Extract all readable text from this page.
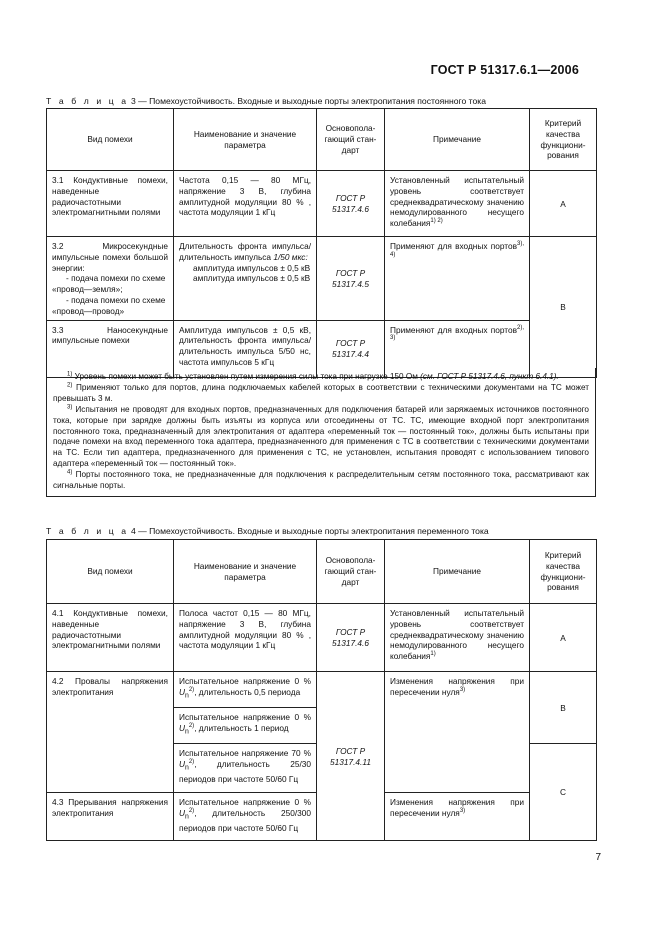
ГОСТ Р 51317.6.1—2006
Т а б л и ц а 3 — Помехоустойчивость. Входные и выходные порты электропитания постоянного тока
Вид помехи	Наименование и значение параметра	Основопола-гающий стан-дарт	Примечание	Критерий качества функциони-рования
3.1 Кондуктивные помехи, наведенные радиочастотными электромагнитными полями	Частота 0,15 — 80 МГц, напряжение 3 В, глубина амплитудной модуляции 80 % , частота модуляции 1 кГц	ГОСТ Р 51317.4.6	Установленный испытательный уровень соответствует среднеквадратическому значению немодулированного несущего колебания$^{1) 2)}$	A

3.2 Микросекундные импульсные помехи большой энергии:
- подача помехи по схеме «провод—земля»;
- подача помехи по схеме «провод—провод»	Длительность фронта импульса/длительность импульса 1/50 мкс:
амплитуда импульсов ± 0,5 кВ
амплитуда импульсов ± 0,5 кВ	ГОСТ Р 51317.4.5	Применяют для входных портов$^{3), 4)}$	B
3.3 Наносекундные импульсные помехи	Амплитуда импульсов ± 0,5 кВ, длительность фронта импульса/длительность импульса 5/50 нс, частота импульсов 5 кГц	ГОСТ Р 51317.4.4	Применяют для входных портов$^{2), 3)}$

$^{1)}$ Уровень помехи может быть установлен путем измерения силы тока при нагрузке 150 Ом (см. ГОСТ Р 51317.4.6, пункт 6.4.1).

$^{2)}$ Применяют только для портов, длина подключаемых кабелей которых в соответствии с техническими документами на ТС может превышать 3 м.

$^{3)}$ Испытания не проводят для входных портов, предназначенных для подключения батарей или заряжаемых источников постоянного тока, которые при зарядке должны быть изъяты из корпуса или отсоединены от ТС. ТС, имеющие входной порт электропитания постоянного тока, предназначенный для электропитания от адаптера «переменный ток — постоянный ток», должны быть испытаны при подаче помехи на вход переменного тока адаптера, предназначенного для применения с ТС в соответствии с техническими документами на ТС. Если тип адаптера, предназначенного для применения с ТС, не установлен, испытания проводят с использованием типового адаптера «переменный ток — постоянный ток».

$^{4)}$ Порты постоянного тока, не предназначенные для подключения к распределительным сетям постоянного тока, рассматривают как сигнальные порты.

Т а б л и ц а 4 — Помехоустойчивость. Входные и выходные порты электропитания переменного тока
Вид помехи	Наименование и значение параметра	Основопола-гающий стан-дарт	Примечание	Критерий качества функциони-рования
4.1 Кондуктивные помехи, наведенные радиочастотными электромагнитными полями	Полоса частот 0,15 — 80 МГц, напряжение 3 В, глубина амплитудной модуляции 80 % , частота модуляции 1 кГц	ГОСТ Р 51317.4.6	Установленный испытательный уровень соответствует среднеквадратическому значению немодулированного несущего колебания$^{1)}$	A
4.2 Провалы напряжения электропитания	Испытательное напряжение 0 % $U_n^{2)}$, длительность 0,5 периода	ГОСТ Р 51317.4.11	Изменения напряжения при пересечении нуля$^{3)}$	B
	Испытательное напряжение 0 % $U_n^{2)}$, длительность 1 период			
	Испытательное напряжение 70 % $U_n^{2)}$, длительность 25/30 периодов при частоте 50/60 Гц			C
4.3 Прерывания напряжения электропитания	Испытательное напряжение 0 % $U_n^{2)}$, длительность 250/300 периодов при частоте 50/60 Гц		Изменения напряжения при пересечении нуля$^{3)}$
7
